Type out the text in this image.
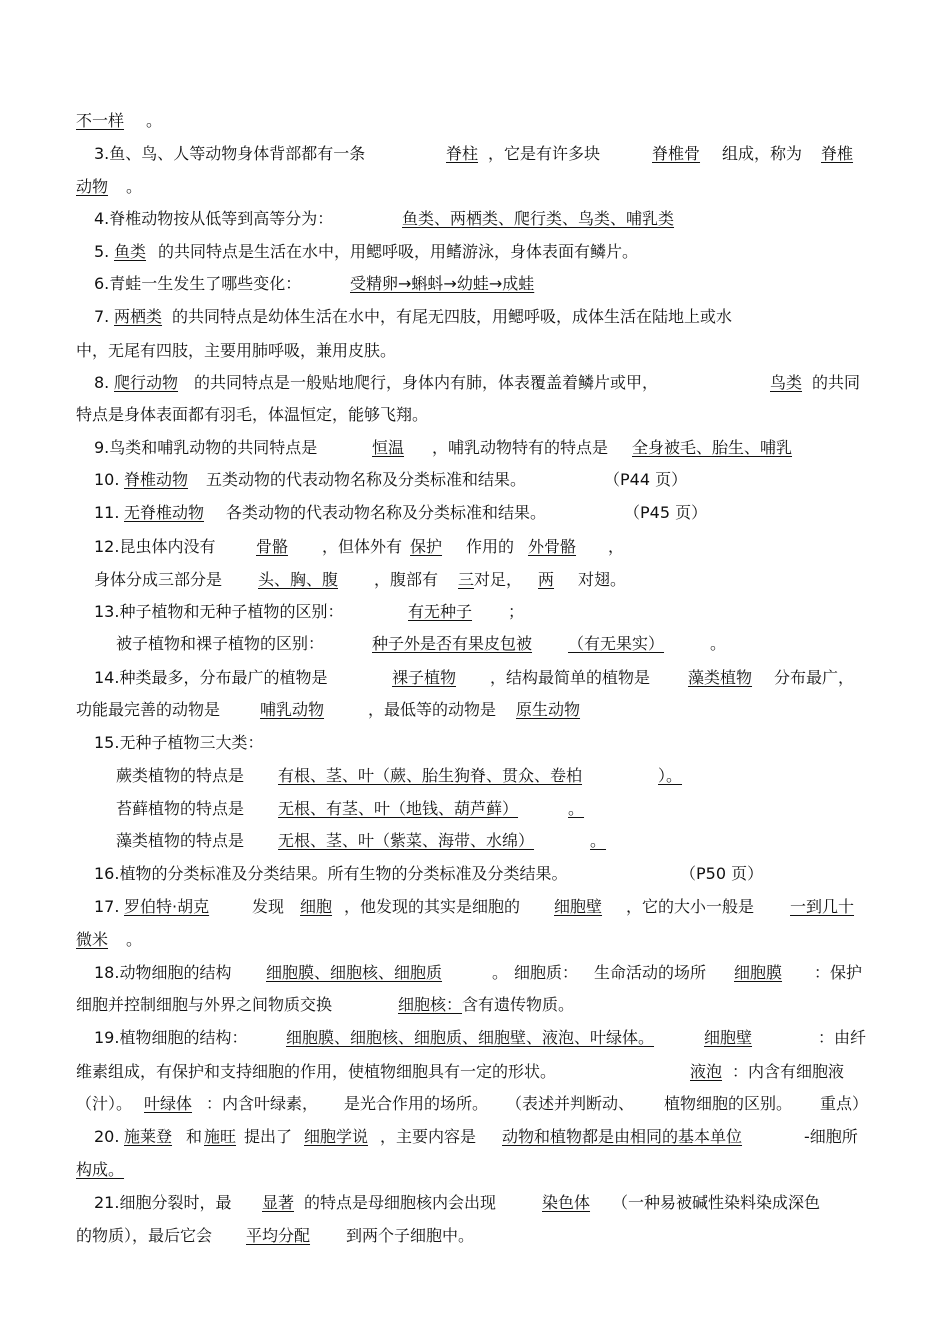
不一样 。
3.鱼、鸟、人等动物身体背部都有一条	脊柱 ，它是有许多块	脊椎骨 组成，称为 脊椎
动物 。
4.脊椎动物按从低等到高等分为：	鱼类、两栖类、爬行类、鸟类、哺乳类
5. 鱼类 的共同特点是生活在水中，用鳃呼吸，用鳍游泳，身体表面有鳞片。
6.青蛙一生发生了哪些变化：	受精卵→蝌蚪→幼蛙→成蛙
7. 两栖类 的共同特点是幼体生活在水中，有尾无四肢，用鳃呼吸，成体生活在陆地上或水
中，无尾有四肢，主要用肺呼吸，兼用皮肤。
8. 爬行动物 的共同特点是一般贴地爬行，身体内有肺，体表覆盖着鳞片或甲，	鸟类 的共同
特点是身体表面都有羽毛，体温恒定，能够飞翔。
9.鸟类和哺乳动物的共同特点是	恒温 ，哺乳动物特有的特点是 全身被毛、胎生、哺乳
10. 脊椎动物 五类动物的代表动物名称及分类标准和结果。	（P44 页）
11. 无脊椎动物 各类动物的代表动物名称及分类标准和结果。	（P45 页）
12.昆虫体内没有	骨骼 ，但体外有 保护 作用的 外骨骼 ，
身体分成三部分是 头、胸、腹 ，腹部有 三 对足， 两 对翅。
13.种子植物和无种子植物的区别：	有无种子 ；
被子植物和裸子植物的区别：	种子外是否有果皮包被 （有无果实）	。
14.种类最多，分布最广的植物是	裸子植物 ，结构最简单的植物是 藻类植物 分布最广，
功能最完善的动物是 哺乳动物	，最低等的动物是 原生动物
15.无种子植物三大类：
蕨类植物的特点是 有根、茎、叶（蕨、胎生狗脊、贯众、卷柏	）。
苔藓植物的特点是 无根、有茎、叶（地钱、葫芦藓）	。
藻类植物的特点是 无根、茎、叶（紫菜、海带、水绵）	。
16.植物的分类标准及分类结果。所有生物的分类标准及分类结果。	（P50 页）
17. 罗伯特·胡克	发现 细胞 ，他发现的其实是细胞的 细胞壁 ，它的大小一般是 一到几十
微米 。
18.动物细胞的结构 细胞膜、细胞核、细胞质	。 细胞质： 生命活动的场所 细胞膜 ：保护
细胞并控制细胞与外界之间物质交换	细胞核： 含有遗传物质。
19.植物细胞的结构： 细胞膜、细胞核、细胞质、细胞壁、液泡、叶绿体。	细胞壁	：由纤
维素组成，有保护和支持细胞的作用，使植物细胞具有一定的形状。	液泡 ：内含有细胞液
（汁）。 叶绿体 ：内含叶绿素， 是光合作用的场所。 （表述并判断动、 植物细胞的区别。 重点）
20. 施莱登 和 施旺 提出了 细胞学说 ，主要内容是 动物和植物都是由相同的基本单位	-细胞所
构成。
21.细胞分裂时，最 显著 的特点是母细胞核内会出现	染色体 （一种易被碱性染料染成深色
的物质），最后它会 平均分配 到两个子细胞中。
